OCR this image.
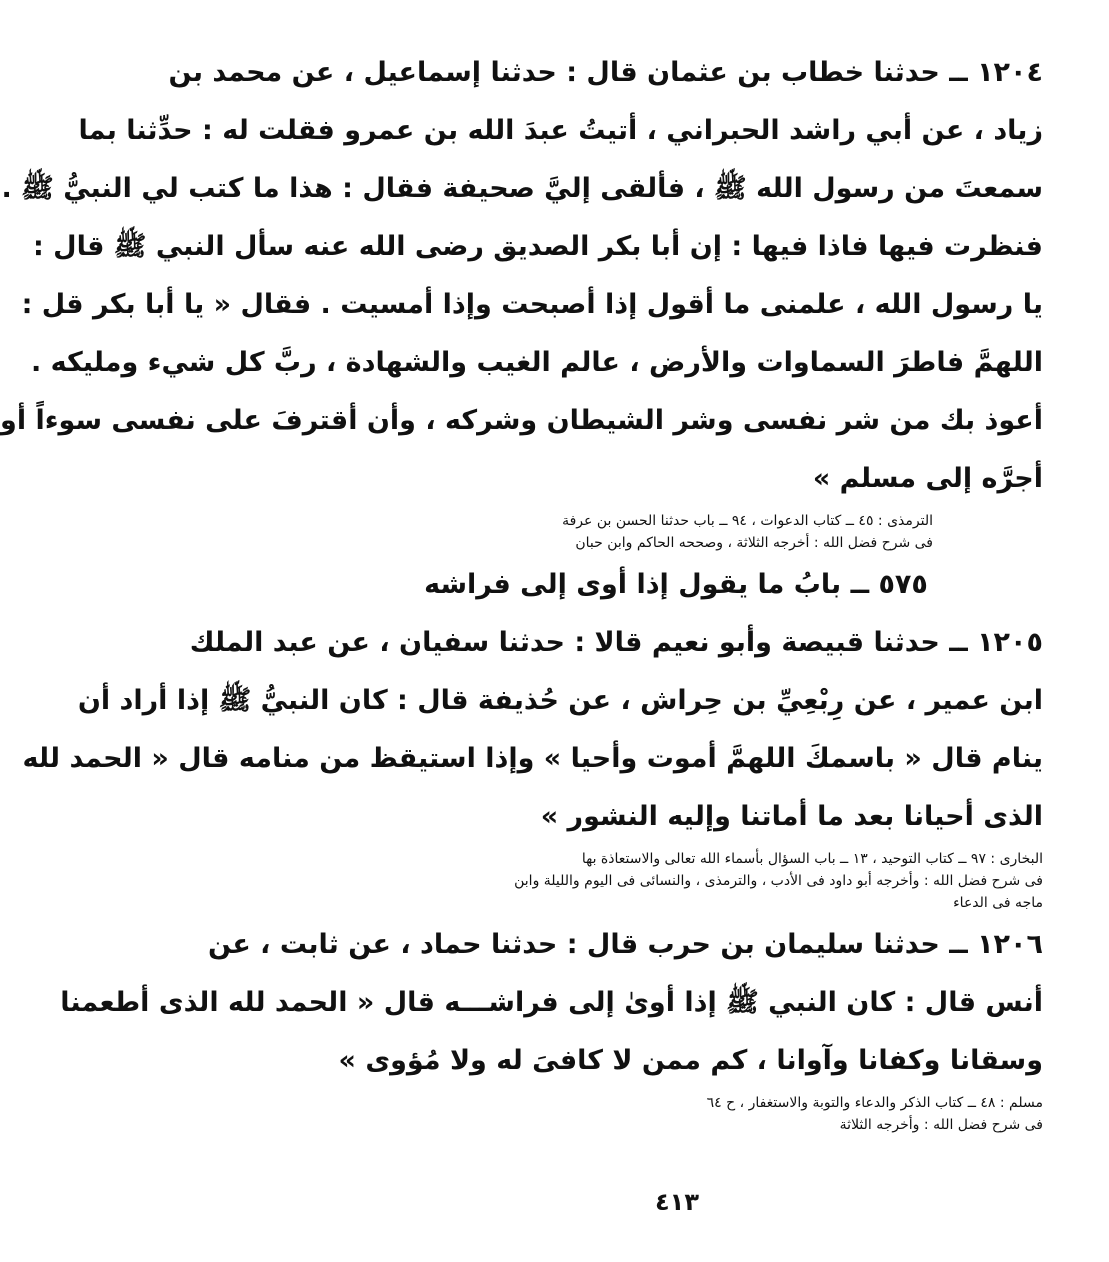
١٢٠٤ ــ حدثنا خطاب بن عثمان قال : حدثنا إسماعيل ، عن محمد بن
زياد ، عن أبي راشد الحبراني ، أتيتُ عبدَ الله بن عمرو فقلت له : حدِّثنا بما
سمعتَ من رسول الله ﷺ ، فألقى إليَّ صحيفة فقال : هذا ما كتب لي النبيُّ ﷺ .
فنظرت فيها فاذا فيها : إن أبا بكر الصديق رضى الله عنه سأل النبي ﷺ قال :
يا رسول الله ، علمنى ما أقول إذا أصبحت وإذا أمسيت . فقال « يا أبا بكر قل :
اللهمَّ فاطرَ السماوات والأرض ، عالم الغيب والشهادة ، ربَّ كل شيء ومليكه .
أعوذ بك من شر نفسى وشر الشيطان وشركه ، وأن أقترفَ على نفسى سوءاً أو
أجرَّه إلى مسلم »
الترمذى : ٤٥ ــ كتاب الدعوات ، ٩٤ ــ باب حدثنا الحسن بن عرفة
فى شرح فضل الله : أخرجه الثلاثة ، وصححه الحاكم وابن حبان
٥٧٥ ــ بابُ ما يقول إذا أوى إلى فراشه
١٢٠٥ ــ حدثنا قبيصة وأبو نعيم قالا : حدثنا سفيان ، عن عبد الملك
ابن عمير ، عن رِبْعِيِّ بن حِراش ، عن حُذيفة قال : كان النبيُّ ﷺ إذا أراد أن
ينام قال « باسمكَ اللهمَّ أموت وأحيا » وإذا استيقظ من منامه قال « الحمد لله
الذى أحيانا بعد ما أماتنا وإليه النشور »
البخارى : ٩٧ ــ كتاب التوحيد ، ١٣ ــ باب السؤال بأسماء الله تعالى والاستعاذة بها
فى شرح فضل الله : وأخرجه أبو داود فى الأدب ، والترمذى ، والنسائى فى اليوم والليلة وابن
ماجه فى الدعاء
١٢٠٦ ــ حدثنا سليمان بن حرب قال : حدثنا حماد ، عن ثابت ، عن
أنس قال : كان النبي ﷺ إذا أوىٰ إلى فراشـــه قال « الحمد لله الذى أطعمنا
وسقانا وكفانا وآوانا ، كم ممن لا كافىَ له ولا مُؤوى »
مسلم : ٤٨ ــ كتاب الذكر والدعاء والتوبة والاستغفار ، ح ٦٤
فى شرح فضل الله : وأخرجه الثلاثة
٤١٣
